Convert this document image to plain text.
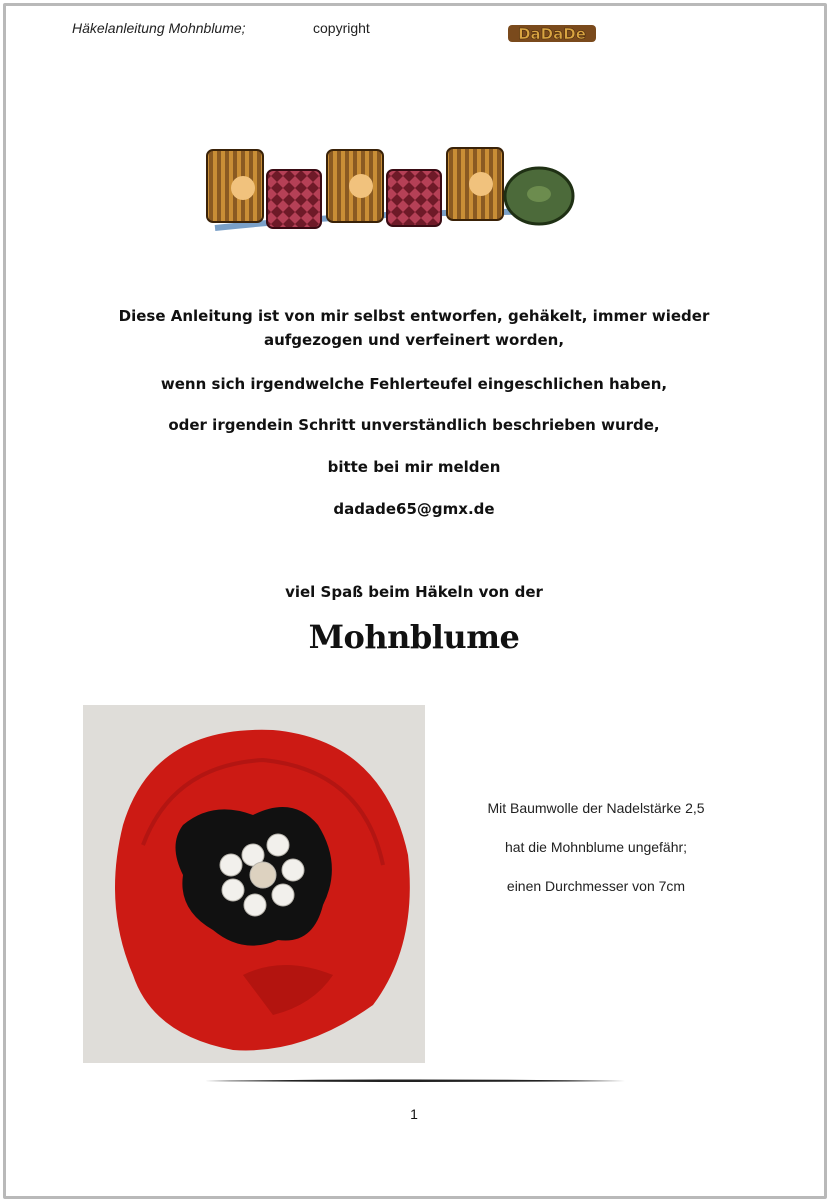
Häkelanleitung Mohnblume;	copyright	DaDaDe
DaDaDe
Diese Anleitung ist von mir selbst entworfen, gehäkelt, immer wieder aufgezogen und verfeinert worden,
wenn sich irgendwelche Fehlerteufel eingeschlichen haben,
oder irgendein Schritt unverständlich beschrieben wurde,
bitte bei mir melden
dadade65@gmx.de
viel Spaß beim Häkeln von der
Mohnblume
Mit Baumwolle der Nadelstärke 2,5
hat die Mohnblume ungefähr;
einen Durchmesser von 7cm
1
